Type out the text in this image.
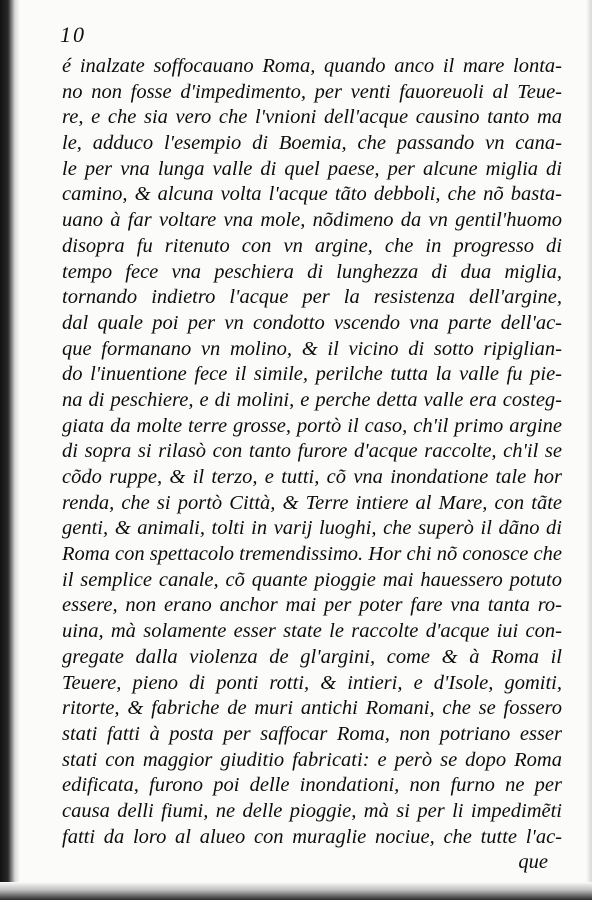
10
é inalzate soffocauano Roma, quando anco il mare lonta-
no non fosse d'impedimento, per venti fauoreuoli al Teue-
re, e che sia vero che l'vnioni dell'acque causino tanto ma
le, adduco l'esempio di Boemia, che passando vn cana-
le per vna lunga valle di quel paese, per alcune miglia di
camino, & alcuna volta l'acque tãto debboli, che nõ basta-
uano à far voltare vna mole, nõdimeno da vn gentil'huomo
disopra fu ritenuto con vn argine, che in progresso di
tempo fece vna peschiera di lunghezza di dua miglia,
tornando indietro l'acque per la resistenza dell'argine,
dal quale poi per vn condotto vscendo vna parte dell'ac-
que formanano vn molino, & il vicino di sotto ripiglian-
do l'inuentione fece il simile, perilche tutta la valle fu pie-
na di peschiere, e di molini, e perche detta valle era costeg-
giata da molte terre grosse, portò il caso, ch'il primo argine
di sopra si rilasò con tanto furore d'acque raccolte, ch'il se
cõdo ruppe, & il terzo, e tutti, cõ vna inondatione tale hor
renda, che si portò Città, & Terre intiere al Mare, con tãte
genti, & animali, tolti in varij luoghi, che superò il dãno di
Roma con spettacolo tremendissimo. Hor chi nõ conosce che
il semplice canale, cõ quante pioggie mai hauessero potuto
essere, non erano anchor mai per poter fare vna tanta ro-
uina, mà solamente esser state le raccolte d'acque iui con-
gregate dalla violenza de gl'argini, come & à Roma il
Teuere, pieno di ponti rotti, & intieri, e d'Isole, gomiti,
ritorte, & fabriche de muri antichi Romani, che se fossero
stati fatti à posta per saffocar Roma, non potriano esser
stati con maggior giuditio fabricati: e però se dopo Roma
edificata, furono poi delle inondationi, non furno ne per
causa delli fiumi, ne delle pioggie, mà si per li impedimẽti
fatti da loro al alueo con muraglie nociue, che tutte l'ac-
que
